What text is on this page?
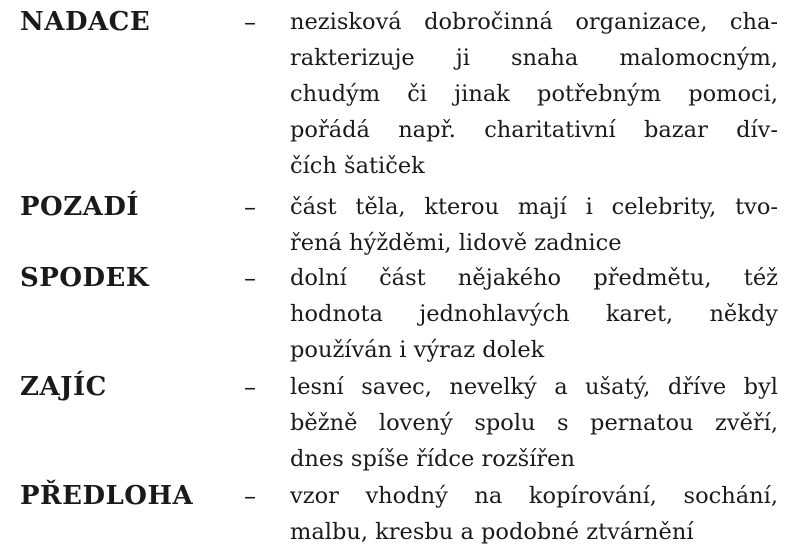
NADACE	– nezisková dobročinná organizace, cha-
rakterizuje ji snaha malomocným,
chudým či jinak potřebným pomoci,
pořádá např. charitativní bazar dív-
čích šatiček
POZADÍ	– část těla, kterou mají i celebrity, tvo-
řená hýžděmi, lidově zadnice
SPODEK	– dolní část nějakého předmětu, též
hodnota jednohlavých karet, někdy
používán i výraz dolek
ZAJÍC	– lesní savec, nevelký a ušatý, dříve byl
běžně lovený spolu s pernatou zvěří,
dnes spíše řídce rozšířen
PŘEDLOHA – vzor vhodný na kopírování, sochání,
malbu, kresbu a podobné ztvárnění
